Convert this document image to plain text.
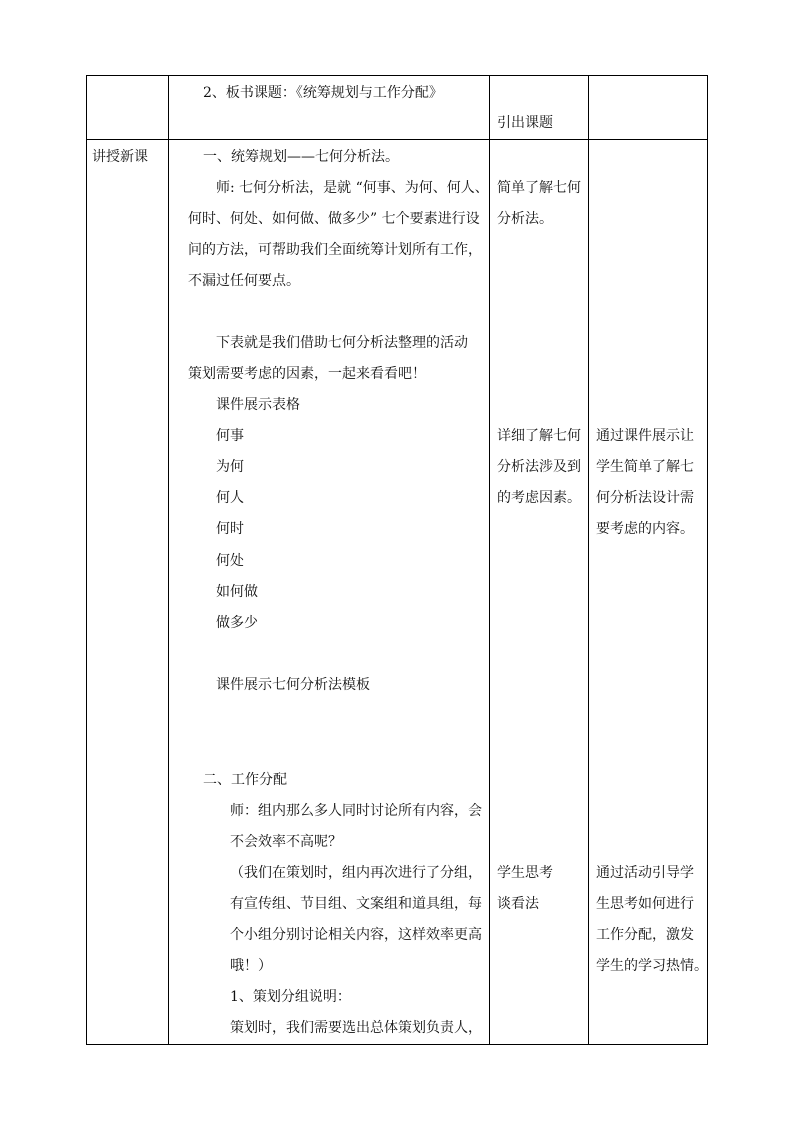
2、板书课题：《统筹规划与工作分配》
引出课题
讲授新课	一、统筹规划——七何分析法。
师: 七何分析法，是就 “何事、为何、何人、
何时、何处、如何做、做多少” 七个要素进行设
问的方法，可帮助我们全面统筹计划所有工作，
不漏过任何要点。
下表就是我们借助七何分析法整理的活动
策划需要考虑的因素，一起来看看吧！
课件展示表格
何事
为何
何人
何时
何处
如何做
做多少
课件展示七何分析法模板
二、工作分配
师：组内那么多人同时讨论所有内容，会
不会效率不高呢？
（我们在策划时，组内再次进行了分组，
有宣传组、节目组、文案组和道具组，每
个小组分别讨论相关内容，这样效率更高
哦！）
1、策划分组说明：
策划时，我们需要选出总体策划负责人，
简单了解七何
分析法。
详细了解七何
分析法涉及到
的考虑因素。
学生思考
谈看法
通过课件展示让
学生简单了解七
何分析法设计需
要考虑的内容。
通过活动引导学
生思考如何进行
工作分配，激发
学生的学习热情。
